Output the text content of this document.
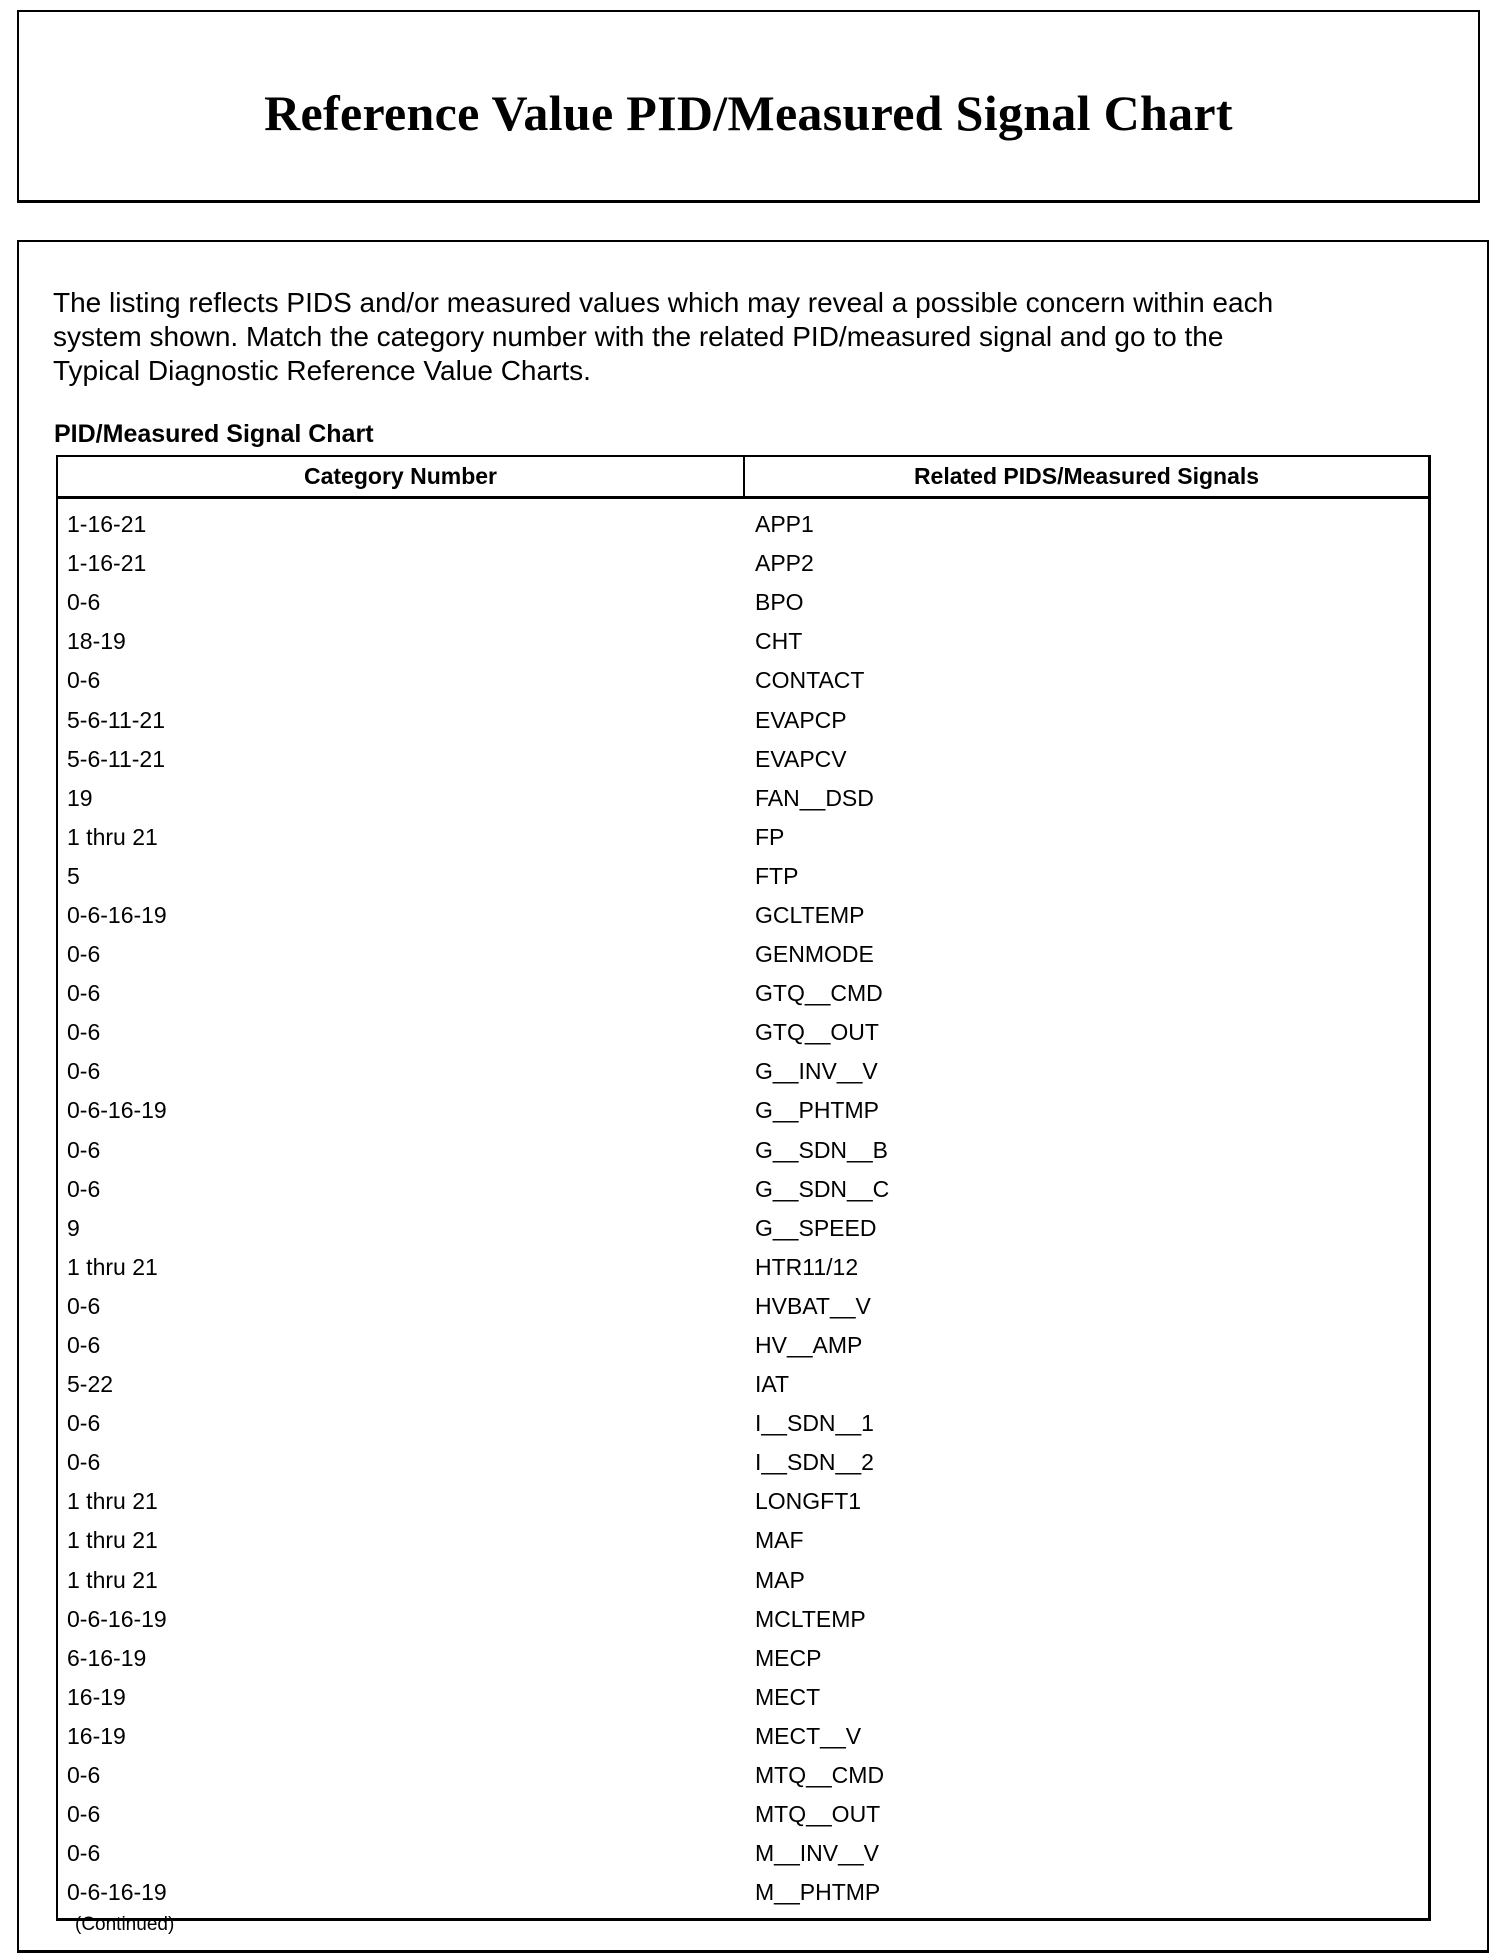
Reference Value PID/Measured Signal Chart
The listing reflects PIDS and/or measured values which may reveal a possible concern within each
system shown. Match the category number with the related PID/measured signal and go to the
Typical Diagnostic Reference Value Charts.
PID/Measured Signal Chart
Category Number	Related PIDS/Measured Signals
1-16-21	APP1
1-16-21	APP2
0-6	BPO
18-19	CHT
0-6	CONTACT
5-6-11-21	EVAPCP
5-6-11-21	EVAPCV
19	FAN__DSD
1 thru 21	FP
5	FTP
0-6-16-19	GCLTEMP
0-6	GENMODE
0-6	GTQ__CMD
0-6	GTQ__OUT
0-6	G__INV__V
0-6-16-19	G__PHTMP
0-6	G__SDN__B
0-6	G__SDN__C
9	G__SPEED
1 thru 21	HTR11/12
0-6	HVBAT__V
0-6	HV__AMP
5-22	IAT
0-6	I__SDN__1
0-6	I__SDN__2
1 thru 21	LONGFT1
1 thru 21	MAF
1 thru 21	MAP
0-6-16-19	MCLTEMP
6-16-19	MECP
16-19	MECT
16-19	MECT__V
0-6	MTQ__CMD
0-6	MTQ__OUT
0-6	M__INV__V
0-6-16-19	M__PHTMP
(Continued)
